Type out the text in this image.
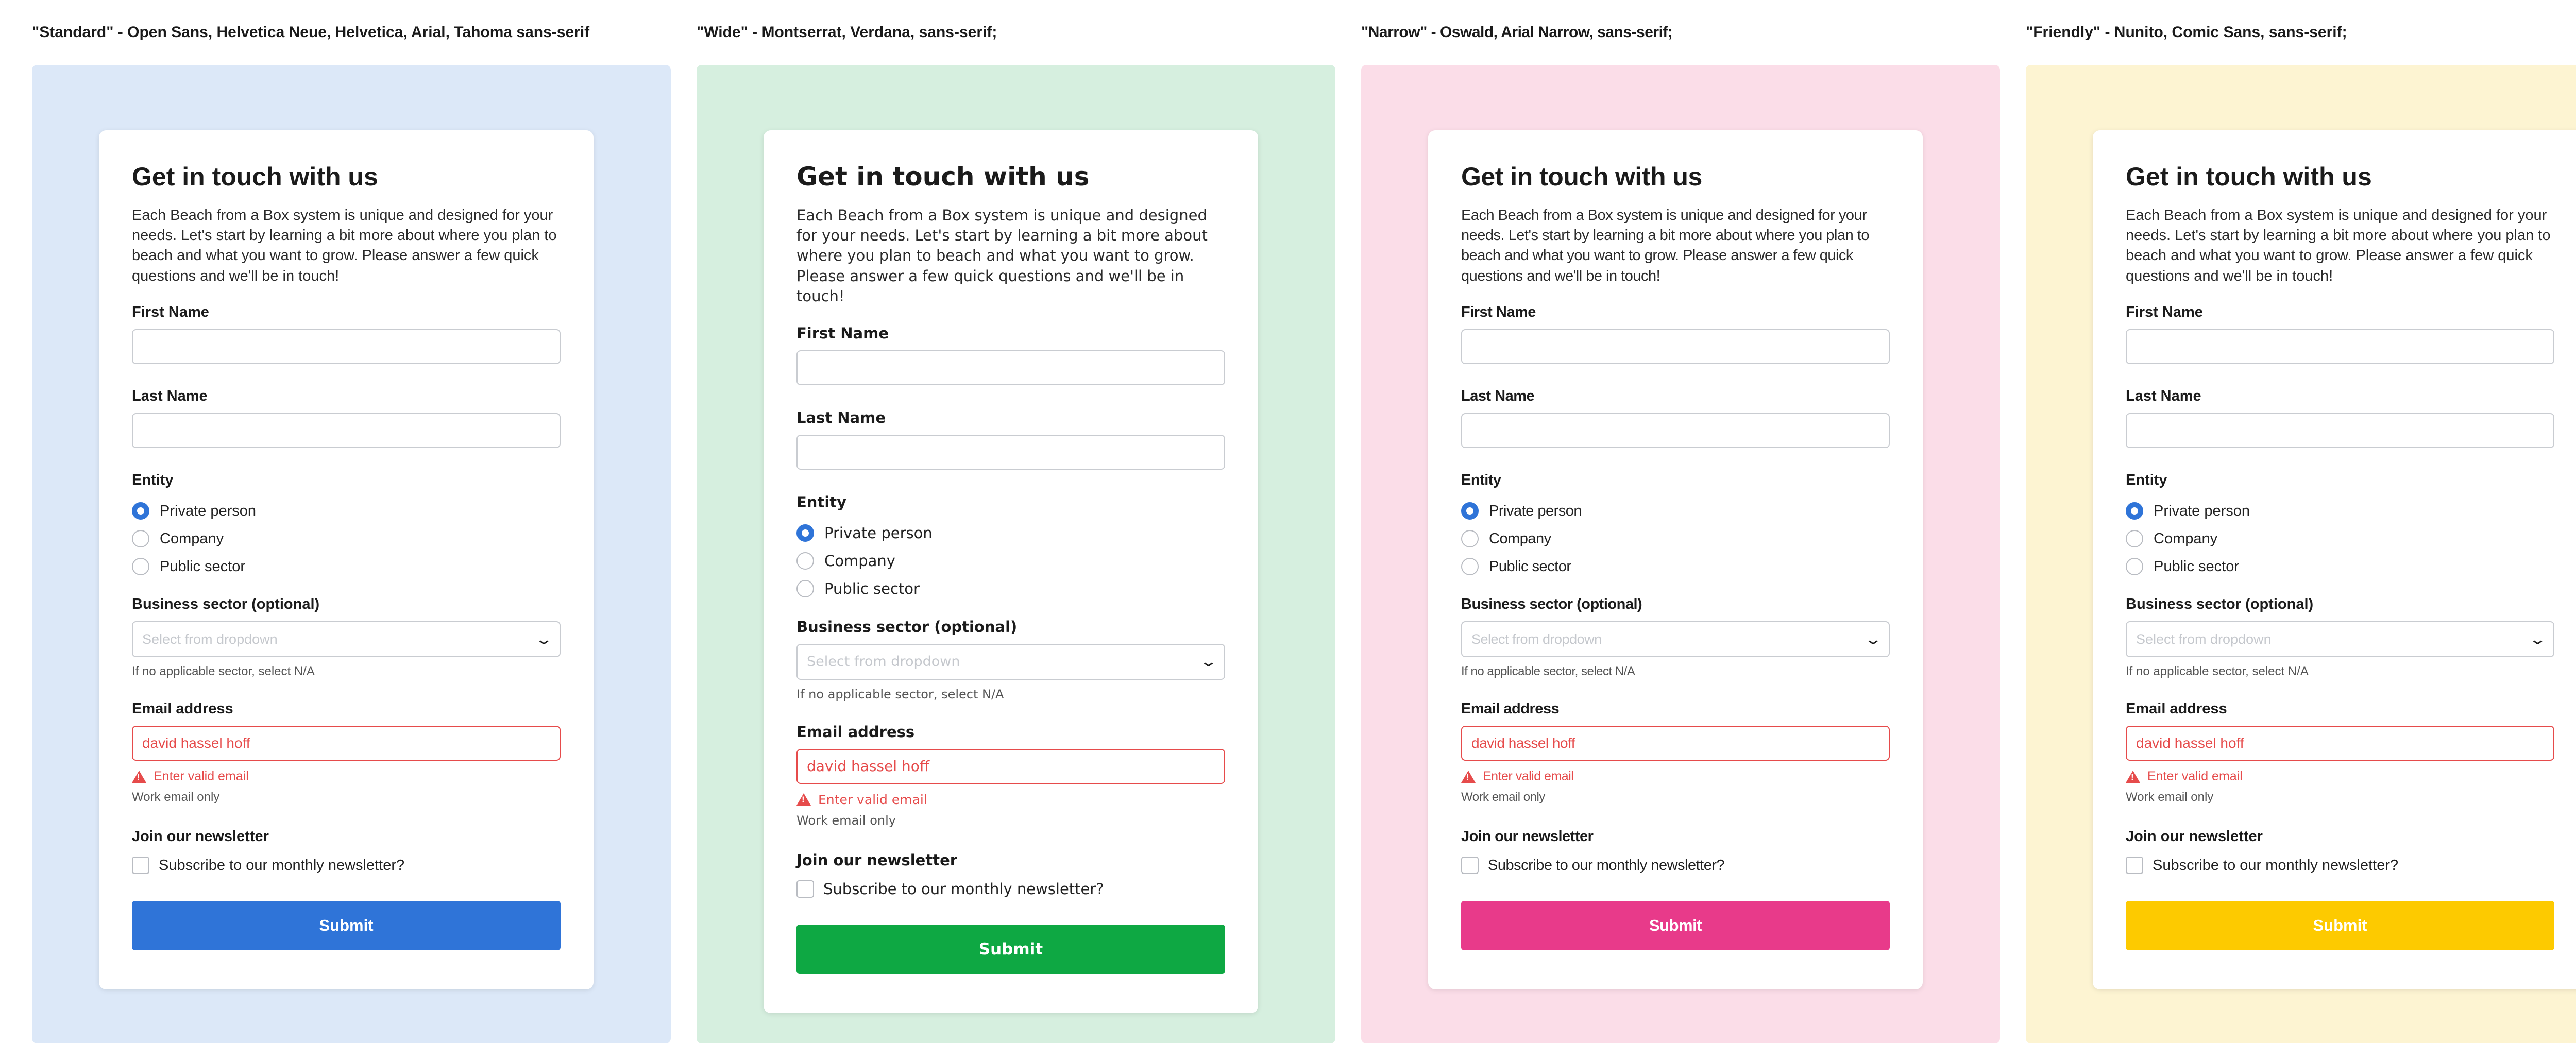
"Standard" - Open Sans, Helvetica Neue, Helvetica, Arial, Tahoma sans-serif
Get in touch with us
Each Beach from a Box system is unique and designed for your needs. Let's start by learning a bit more about where you plan to beach and what you want to grow. Please answer a few quick questions and we'll be in touch!
First Name
Last Name
Entity
Private person
Company
Public sector
Business sector (optional)
Select from dropdown	⌄
If no applicable sector, select N/A
Email address
david hassel hoff
!
Enter valid email
Work email only
Join our newsletter
Subscribe to our monthly newsletter?
Submit
"Wide" - Montserrat, Verdana, sans-serif;
Get in touch with us
Each Beach from a Box system is unique and designed for your needs. Let's start by learning a bit more about where you plan to beach and what you want to grow. Please answer a few quick questions and we'll be in touch!
First Name
Last Name
Entity
Private person
Company
Public sector
Business sector (optional)
Select from dropdown	⌄
If no applicable sector, select N/A
Email address
david hassel hoff
!
Enter valid email
Work email only
Join our newsletter
Subscribe to our monthly newsletter?
Submit
"Narrow" - Oswald, Arial Narrow, sans-serif;
Get in touch with us
Each Beach from a Box system is unique and designed for your needs. Let's start by learning a bit more about where you plan to beach and what you want to grow. Please answer a few quick questions and we'll be in touch!
First Name
Last Name
Entity
Private person
Company
Public sector
Business sector (optional)
Select from dropdown	⌄
If no applicable sector, select N/A
Email address
david hassel hoff
!
Enter valid email
Work email only
Join our newsletter
Subscribe to our monthly newsletter?
Submit
"Friendly" - Nunito, Comic Sans, sans-serif;
Get in touch with us
Each Beach from a Box system is unique and designed for your needs. Let's start by learning a bit more about where you plan to beach and what you want to grow. Please answer a few quick questions and we'll be in touch!
First Name
Last Name
Entity
Private person
Company
Public sector
Business sector (optional)
Select from dropdown	⌄
If no applicable sector, select N/A
Email address
david hassel hoff
!
Enter valid email
Work email only
Join our newsletter
Subscribe to our monthly newsletter?
Submit
